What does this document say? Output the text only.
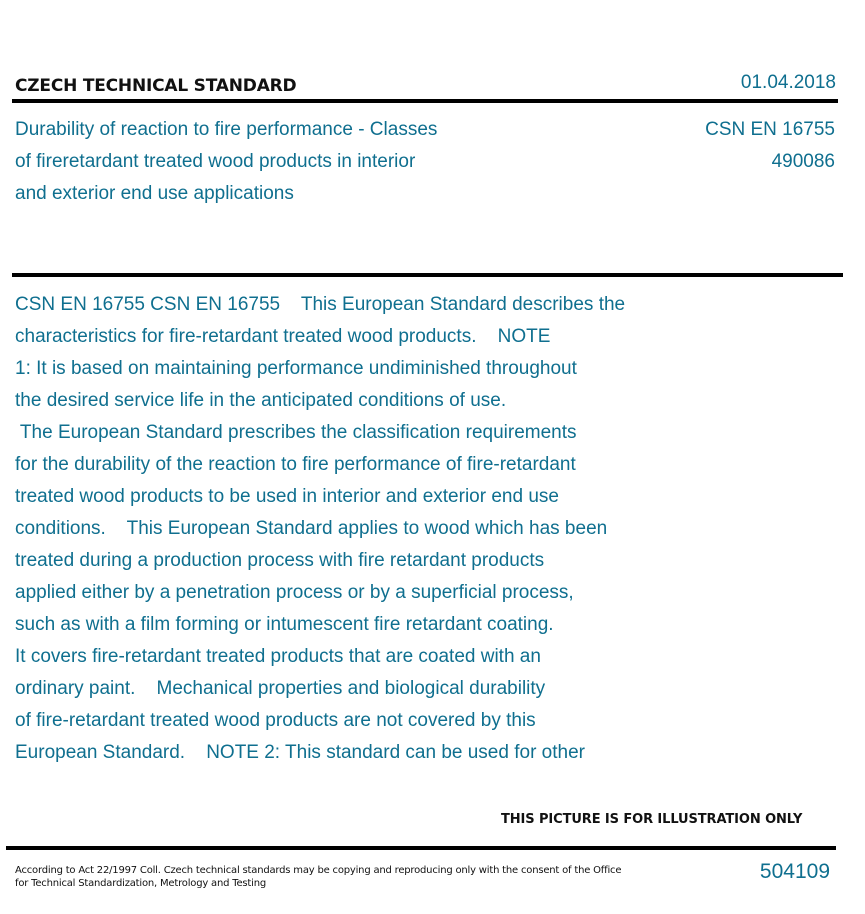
CZECH TECHNICAL STANDARD	01.04.2018
Durability of reaction to fire performance - Classes
of fireretardant treated wood products in interior
and exterior end use applications
CSN EN 16755
490086
CSN EN 16755 CSN EN 16755    This European Standard describes the
characteristics for fire-retardant treated wood products.    NOTE
1: It is based on maintaining performance undiminished throughout
the desired service life in the anticipated conditions of use.
The European Standard prescribes the classification requirements
for the durability of the reaction to fire performance of fire-retardant
treated wood products to be used in interior and exterior end use
conditions.    This European Standard applies to wood which has been
treated during a production process with fire retardant products
applied either by a penetration process or by a superficial process,
such as with a film forming or intumescent fire retardant coating.
It covers fire-retardant treated products that are coated with an
ordinary paint.    Mechanical properties and biological durability
of fire-retardant treated wood products are not covered by this
European Standard.    NOTE 2: This standard can be used for other
THIS PICTURE IS FOR ILLUSTRATION ONLY
According to Act 22/1997 Coll. Czech technical standards may be copying and reproducing only with the consent of the Office
for Technical Standardization, Metrology and Testing
504109
